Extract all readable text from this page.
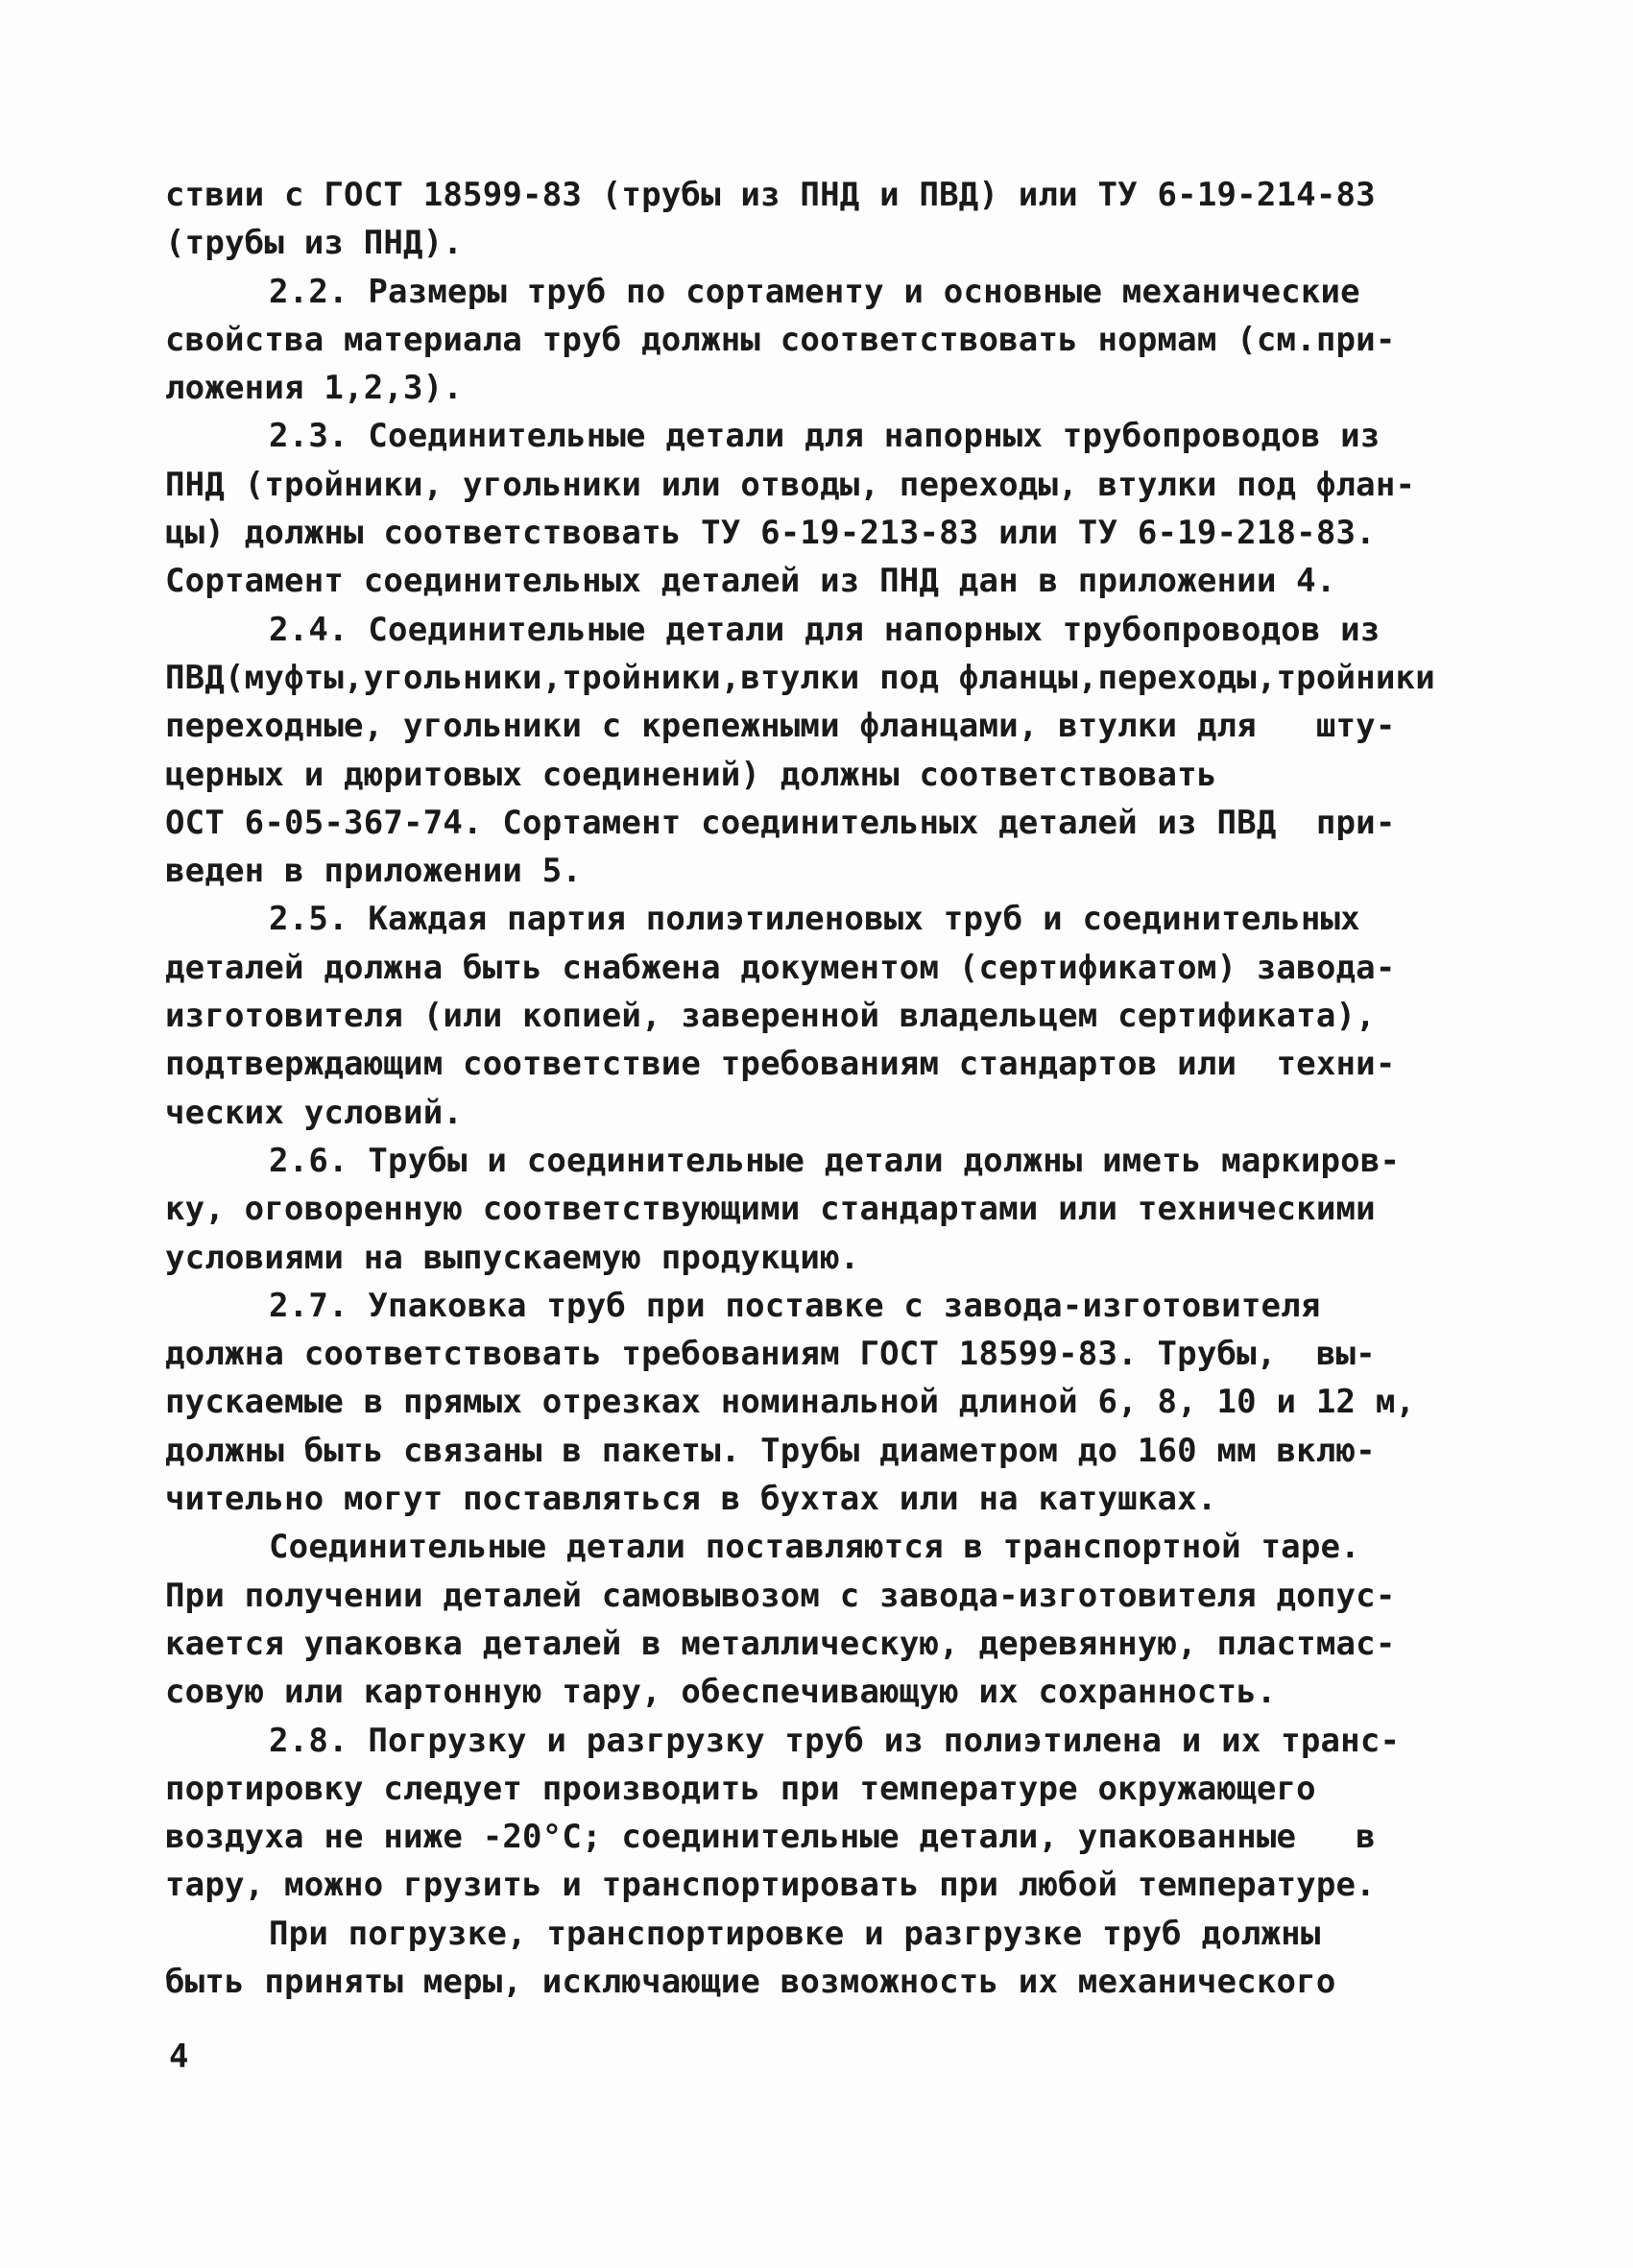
ствии с ГОСТ 18599-83 (трубы из ПНД и ПВД) или ТУ 6-19-214-83
(трубы из ПНД).
2.2. Размеры труб по сортаменту и основные механические
свойства материала труб должны соответствовать нормам (см.при-
ложения 1,2,3).
2.3. Соединительные детали для напорных трубопроводов из
ПНД (тройники, угольники или отводы, переходы, втулки под флан-
цы) должны соответствовать ТУ 6-19-213-83 или ТУ 6-19-218-83.
Сортамент соединительных деталей из ПНД дан в приложении 4.
2.4. Соединительные детали для напорных трубопроводов из
ПВД(муфты,угольники,тройники,втулки под фланцы,переходы,тройники
переходные, угольники с крепежными фланцами, втулки для   шту-
церных и дюритовых соединений) должны соответствовать
ОСТ 6-05-367-74. Сортамент соединительных деталей из ПВД  при-
веден в приложении 5.
2.5. Каждая партия полиэтиленовых труб и соединительных
деталей должна быть снабжена документом (сертификатом) завода-
изготовителя (или копией, заверенной владельцем сертификата),
подтверждающим соответствие требованиям стандартов или  техни-
ческих условий.
2.6. Трубы и соединительные детали должны иметь маркиров-
ку, оговоренную соответствующими стандартами или техническими
условиями на выпускаемую продукцию.
2.7. Упаковка труб при поставке с завода-изготовителя
должна соответствовать требованиям ГОСТ 18599-83. Трубы,  вы-
пускаемые в прямых отрезках номинальной длиной 6, 8, 10 и 12 м,
должны быть связаны в пакеты. Трубы диаметром до 160 мм вклю-
чительно могут поставляться в бухтах или на катушках.
Соединительные детали поставляются в транспортной таре.
При получении деталей самовывозом с завода-изготовителя допус-
кается упаковка деталей в металлическую, деревянную, пластмас-
совую или картонную тару, обеспечивающую их сохранность.
2.8. Погрузку и разгрузку труб из полиэтилена и их транс-
портировку следует производить при температуре окружающего
воздуха не ниже -20°С; соединительные детали, упакованные   в
тару, можно грузить и транспортировать при любой температуре.
При погрузке, транспортировке и разгрузке труб должны
быть приняты меры, исключающие возможность их механического
4
